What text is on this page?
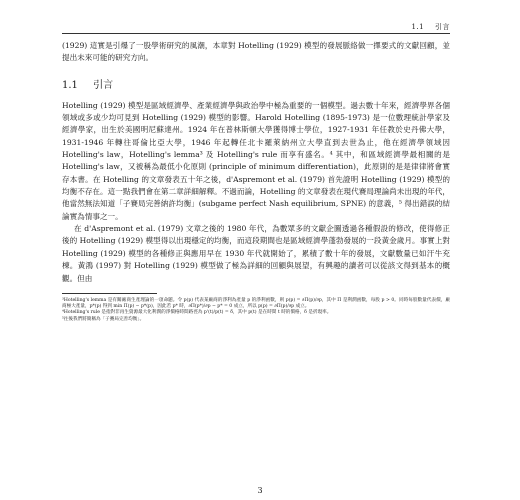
1.1 引言

(1929) 這實是引爆了一股學術研究的風潮，本章對 Hotelling (1929) 模型的發展脈絡做一擇要式的文獻回顧，並提出未來可能的研究方向。

1.1 引言

Hotelling (1929) 模型是區域經濟學、產業經濟學與政治學中極為重要的一個模型。過去數十年來，經濟學界各個領域或多或少均可見到 Hotelling (1929) 模型的影響。Harold Hotelling (1895-1973) 是一位數理統計學家及經濟學家，出生於美國明尼蘇達州。1924 年在普林斯頓大學獲得博士學位，1927-1931 年任教於史丹佛大學，1931-1946 年轉往哥倫比亞大學，1946 年起轉任北卡羅萊納州立大學直到去世為止，他在經濟學領域因 Hotelling's law，Hotelling's lemma³ 及 Hotelling's rule 而享有盛名。⁴ 其中，和區域經濟學最相關的是 Hotelling's law，又被稱為最低小化原則 (principle of minimum differentiation)，此原則的是是律律將會實存本書。在 Hotelling 的文章發表五十年之後，d'Aspremont et al. (1979) 首先證明 Hotelling (1929) 模型的均衡不存在。這一點我們會在第二章詳細解釋。不過而論，Hotelling 的文章發表在現代賽局理論尚未出現的年代，他當然無法知道「子賽局完善納許均衡」(subgame perfect Nash equilibrium, SPNE) 的意義，⁵ 得出錯誤的結論實為情事之一。

在 d'Aspremont et al. (1979) 文章之後的 1980 年代，為數眾多的文獻企圖透過各種假設的修改，使得修正後的 Hotelling (1929) 模型得以出現穩定的均衡，而這段期間也是區域經濟學蓬勃發展的一段黃金歲月。事實上對 Hotelling (1929) 模型的各種修正與應用早在 1930 年代就開始了，累積了數十年的發展，文獻數量已如汗牛充棟。黃鴻 (1997) 對 Hotelling (1929) 模型做了極為詳細的回顧與展望，有興趣的讀者可以從該文得到基本的概觀。但由

³Hotelling's lemma 是有關廠商生產理論的一項命題。令 p(p) 代表某廠商的淨利為產量 p 的淨利函數，則 p(p) = ∂Π(p)/∂p，其中 Π 是利潤函數，每股 p > 0。同時每股數量代表價，廠商極大產量，p*(p) 得到 min Π(p) − p*(p)，因此若 p* 時，∂Π(p*)/∂p − p* = 0 成立，所以 p(p) = ∂Π(p)/∂p 成立。

⁴Hotelling's rule 是指對非再生資源最大化利潤的淨價格時間路徑為 p'(t)/p(t) = δ，其中 p(t) 是在時間 t 時的價格，δ 是折現率。

⁵往後我們將簡稱為「子賽局完善均衡」。

3
